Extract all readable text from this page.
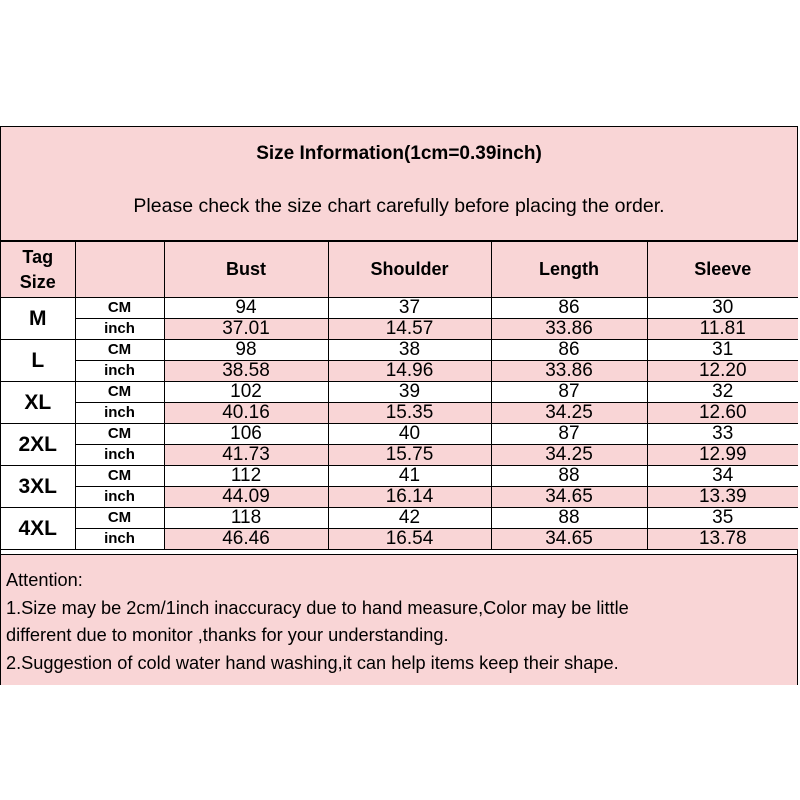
Size Information(1cm=0.39inch)
Please check the size chart carefully before placing the order.
Tag
Size		Bust	Shoulder	Length	Sleeve
M	CM	94	37	86	30
	inch	37.01	14.57	33.86	11.81
L	CM	98	38	86	31
	inch	38.58	14.96	33.86	12.20
XL	CM	102	39	87	32
	inch	40.16	15.35	34.25	12.60
2XL	CM	106	40	87	33
	inch	41.73	15.75	34.25	12.99
3XL	CM	112	41	88	34
	inch	44.09	16.14	34.65	13.39
4XL	CM	118	42	88	35
	inch	46.46	16.54	34.65	13.78
Attention:
1.Size may be 2cm/1inch inaccuracy due to hand measure,Color may be little
different due to monitor ,thanks for your understanding.
2.Suggestion of cold water hand washing,it can help items keep their shape.
